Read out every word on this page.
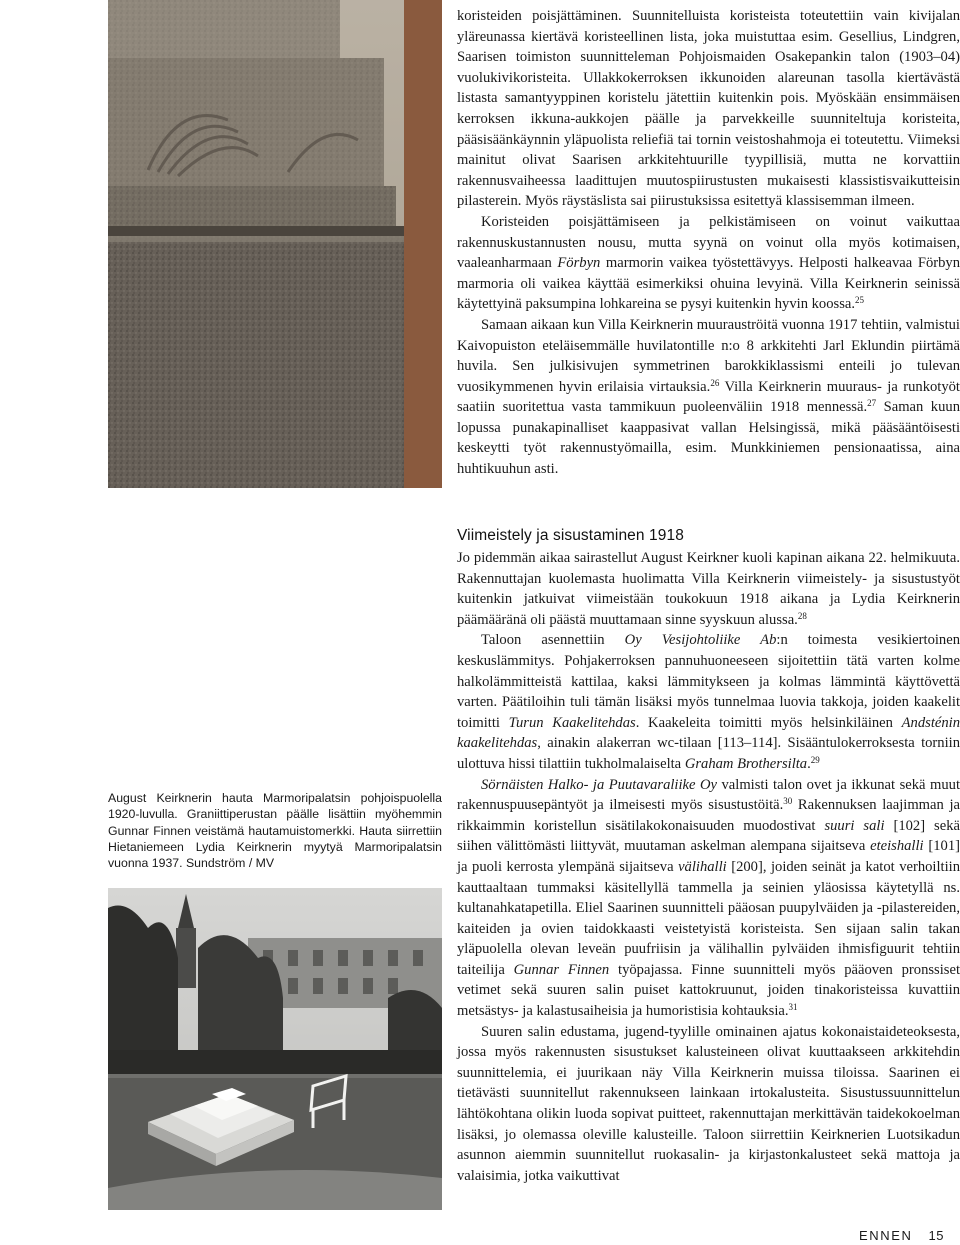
August Keirknerin hauta Marmoripalatsin pohjoispuolella 1920-luvulla. Graniittiperustan päälle lisättiin myöhemmin Gunnar Finnen veistämä hautamuistomerkki. Hauta siirrettiin Hietaniemeen Lydia Keirknerin myytyä Marmoripalatsin vuonna 1937. Sundström / MV

koristeiden poisjättäminen. Suunnitelluista koristeista toteutettiin vain kivijalan yläreunassa kiertävä koristeellinen lista, joka muistuttaa esim. Gesellius, Lindgren, Saarisen toimiston suunnitteleman Pohjoismaiden Osakepankin talon (1903–04) vuolukivikoristeita. Ullakkokerroksen ikkunoiden alareunan tasolla kiertävästä listasta samantyyppinen koristelu jätettiin kuitenkin pois. Myöskään ensimmäisen kerroksen ikkuna-aukkojen päälle ja parvekkeille suunniteltuja koristeita, pääsisäänkäynnin yläpuolista reliefiä tai tornin veistoshahmoja ei toteutettu. Viimeksi mainitut olivat Saarisen arkkitehtuurille tyypillisiä, mutta ne korvattiin rakennusvaiheessa laadittujen muutospiirustusten mukaisesti klassistisvaikutteisin pilasterein. Myös räystäslista sai piirustuksissa esitettyä klassisemman ilmeen.

Koristeiden poisjättämiseen ja pelkistämiseen on voinut vaikuttaa rakennuskustannusten nousu, mutta syynä on voinut olla myös kotimaisen, vaaleanharmaan Förbyn marmorin vaikea työstettävyys. Helposti halkeavaa Förbyn marmoria oli vaikea käyttää esimerkiksi ohuina levyinä. Villa Keirknerin seinissä käytettyinä paksumpina lohkareina se pysyi kuitenkin hyvin koossa.$^{25}$

Samaan aikaan kun Villa Keirknerin muurauströitä vuonna 1917 tehtiin, valmistui Kaivopuiston eteläisemmälle huvilatontille n:o 8 arkkitehti Jarl Eklundin piirtämä huvila. Sen julkisivujen symmetrinen barokkiklassismi enteili jo tulevan vuosikymmenen hyvin erilaisia virtauksia.$^{26}$ Villa Keirknerin muuraus- ja runkotyöt saatiin suoritettua vasta tammikuun puoleenväliin 1918 mennessä.$^{27}$ Saman kuun lopussa punakapinalliset kaappasivat vallan Helsingissä, mikä pääsääntöisesti keskeytti työt rakennustyömailla, esim. Munkkiniemen pensionaatissa, aina huhtikuuhun asti.

Viimeistely ja sisustaminen 1918

Jo pidemmän aikaa sairastellut August Keirkner kuoli kapinan aikana 22. helmikuuta. Rakennuttajan kuolemasta huolimatta Villa Keirknerin viimeistely- ja sisustustyöt kuitenkin jatkuivat viimeistään toukokuun 1918 aikana ja Lydia Keirknerin päämääränä oli päästä muuttamaan sinne syyskuun alussa.$^{28}$

Taloon asennettiin Oy Vesijohtoliike Ab:n toimesta vesikiertoinen keskuslämmitys. Pohjakerroksen pannuhuoneeseen sijoitettiin tätä varten kolme halkolämmitteistä kattilaa, kaksi lämmitykseen ja kolmas lämmintä käyttövettä varten. Päätiloihin tuli tämän lisäksi myös tunnelmaa luovia takkoja, joiden kaakelit toimitti Turun Kaakelitehdas. Kaakeleita toimitti myös helsinkiläinen Andsténin kaakelitehdas, ainakin alakerran wc-tilaan [113–114]. Sisääntulokerroksesta torniin ulottuva hissi tilattiin tukholmalaiselta Graham Brothersilta.$^{29}$

Sörnäisten Halko- ja Puutavaraliike Oy valmisti talon ovet ja ikkunat sekä muut rakennuspuusepäntyöt ja ilmeisesti myös sisustustöitä.$^{30}$ Rakennuksen laajimman ja rikkaimmin koristellun sisätilakokonaisuuden muodostivat suuri sali [102] sekä siihen välittömästi liittyvät, muutaman askelman alempana sijaitseva eteishalli [101] ja puoli kerrosta ylempänä sijaitseva välihalli [200], joiden seinät ja katot verhoiltiin kauttaaltaan tummaksi käsitellyllä tammella ja seinien yläosissa käytetyllä ns. kultanahkatapetilla. Eliel Saarinen suunnitteli pääosan puupylväiden ja -pilastereiden, kaiteiden ja ovien taidokkaasti veistetyistä koristeista. Sen sijaan salin takan yläpuolella olevan leveän puufriisin ja välihallin pylväiden ihmisfiguurit tehtiin taiteilija Gunnar Finnen työpajassa. Finne suunnitteli myös pääoven pronssiset vetimet sekä suuren salin puiset kattokruunut, joiden tinakoristeissa kuvattiin metsästys- ja kalastusaiheisia ja humoristisia kohtauksia.$^{31}$

Suuren salin edustama, jugend-tyylille ominainen ajatus kokonaistaideteoksesta, jossa myös rakennusten sisustukset kalusteineen olivat kuuttaakseen arkkitehdin suunnittelemia, ei juurikaan näy Villa Keirknerin muissa tiloissa. Saarinen ei tietävästi suunnitellut rakennukseen lainkaan irtokalusteita. Sisustussuunnittelun lähtökohtana olikin luoda sopivat puitteet, rakennuttajan merkittävän taidekokoelman lisäksi, jo olemassa oleville kalusteille. Taloon siirrettiin Keirknerien Luotsikadun asunnon aiemmin suunnitellut ruokasalin- ja kirjastonkalusteet sekä mattoja ja valaisimia, jotka vaikuttivat

ENNEN 15
